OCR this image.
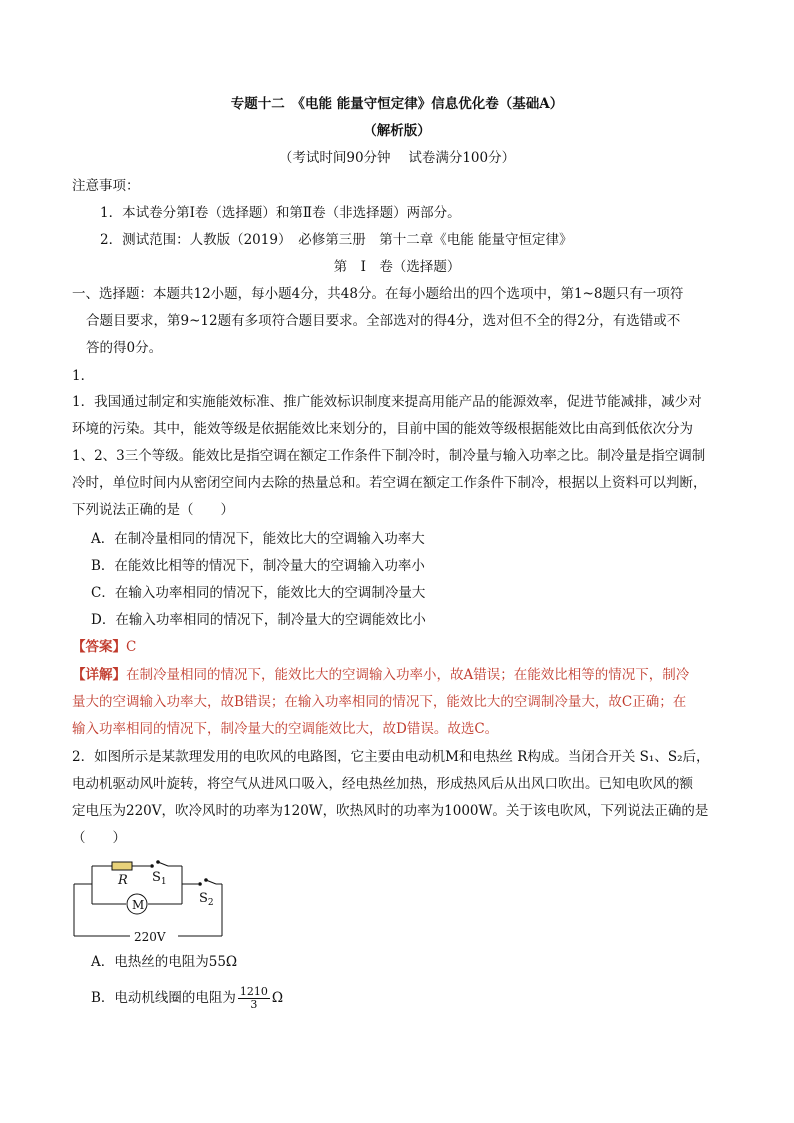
专题十二　《电能 能量守恒定律》信息优化卷（基础A）
（解析版）
（考试时间90分钟　 试卷满分100分）
注意事项：
1．本试卷分第Ⅰ卷（选择题）和第Ⅱ卷（非选择题）两部分。
2．测试范围：人教版（2019）　必修第三册　第十二章《电能 能量守恒定律》
第　Ⅰ　卷（选择题）
一、选择题：本题共12小题，每小题4分，共48分。在每小题给出的四个选项中，第1~8题只有一项符
合题目要求，第9~12题有多项符合题目要求。全部选对的得4分，选对但不全的得2分，有选错或不
答的得0分。
1．
1．我国通过制定和实施能效标准、推广能效标识制度来提高用能产品的能源效率，促进节能减排，减少对
环境的污染。其中，能效等级是依据能效比来划分的，目前中国的能效等级根据能效比由高到低依次分为
1、2、3三个等级。能效比是指空调在额定工作条件下制冷时，制冷量与输入功率之比。制冷量是指空调制
冷时，单位时间内从密闭空间内去除的热量总和。若空调在额定工作条件下制冷，根据以上资料可以判断，
下列说法正确的是（　　）
A．在制冷量相同的情况下，能效比大的空调输入功率大
B．在能效比相等的情况下，制冷量大的空调输入功率小
C．在输入功率相同的情况下，能效比大的空调制冷量大
D．在输入功率相同的情况下，制冷量大的空调能效比小
【答案】C
【详解】在制冷量相同的情况下，能效比大的空调输入功率小，故A错误；在能效比相等的情况下，制冷
量大的空调输入功率大，故B错误；在输入功率相同的情况下，能效比大的空调制冷量大，故C正确；在
输入功率相同的情况下，制冷量大的空调能效比大，故D错误。故选C。
2．如图所示是某款理发用的电吹风的电路图，它主要由电动机M和电热丝 R构成。当闭合开关 S₁、S₂后，
电动机驱动风叶旋转，将空气从进风口吸入，经电热丝加热，形成热风后从出风口吹出。已知电吹风的额
定电压为220V，吹冷风时的功率为120W，吹热风时的功率为1000W。关于该电吹风，下列说法正确的是
（　　）
R $S_1$
$S_2$
M
220V
A．电热丝的电阻为55Ω
B．电动机线圈的电阻为 $\frac{1210}{3}$ Ω
